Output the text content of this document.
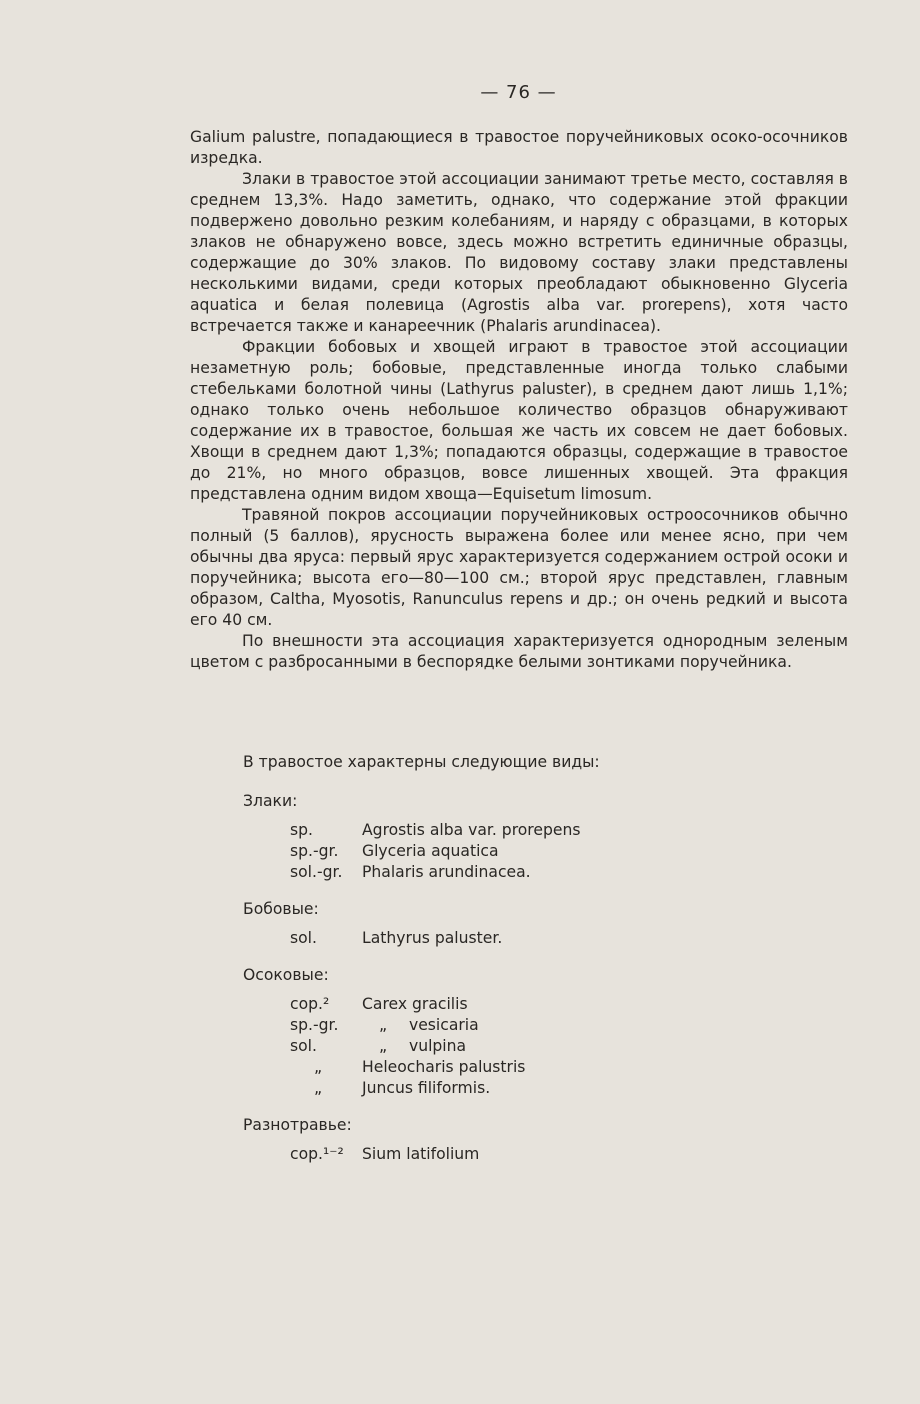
— 76 —

Galium palustre, попадающиеся в травостое поручейниковых осоко-осочников изредка.

Злаки в травостое этой ассоциации занимают третье место, составляя в среднем 13,3%. Надо заметить, однако, что содержание этой фракции подвержено довольно резким колебаниям, и наряду с образцами, в которых злаков не обнаружено вовсе, здесь можно встретить единичные образцы, содержащие до 30% злаков. По видовому составу злаки представлены несколькими видами, среди которых преобладают обыкновенно Glyceria aquatica и белая полевица (Agrostis alba var. prorepens), хотя часто встречается также и канареечник (Phalaris arundinacea).

Фракции бобовых и хвощей играют в травостое этой ассоциации незаметную роль; бобовые, представленные иногда только слабыми стебельками болотной чины (Lathyrus paluster), в среднем дают лишь 1,1%; однако только очень небольшое количество образцов обнаруживают содержание их в травостое, большая же часть их совсем не дает бобовых. Хвощи в среднем дают 1,3%; попадаются образцы, содержащие в травостое до 21%, но много образцов, вовсе лишенных хвощей. Эта фракция представлена одним видом хвоща—Equisetum limosum.

Травяной покров ассоциации поручейниковых остроосочников обычно полный (5 баллов), ярусность выражена более или менее ясно, при чем обычны два яруса: первый ярус характеризуется содержанием острой осоки и поручейника; высота его—80—100 см.; второй ярус представлен, главным образом, Caltha, Myosotis, Ranunculus repens и др.; он очень редкий и высота его 40 см.

По внешности эта ассоциация характеризуется однородным зеленым цветом с разбросанными в беспорядке белыми зонтиками поручейника.

В травостое характерны следующие виды:

Злаки:

sp.	Agrostis alba var. prorepens
sp.-gr.	Glyceria aquatica
sol.-gr.	Phalaris arundinacea.

Бобовые:

sol.	Lathyrus paluster.

Осоковые:

cop.²	Carex gracilis
sp.-gr.	„ vesicaria
sol.	„ vulpina
„	Heleocharis palustris
„	Juncus filiformis.

Разнотравье:

cop.¹⁻²	Sium latifolium
